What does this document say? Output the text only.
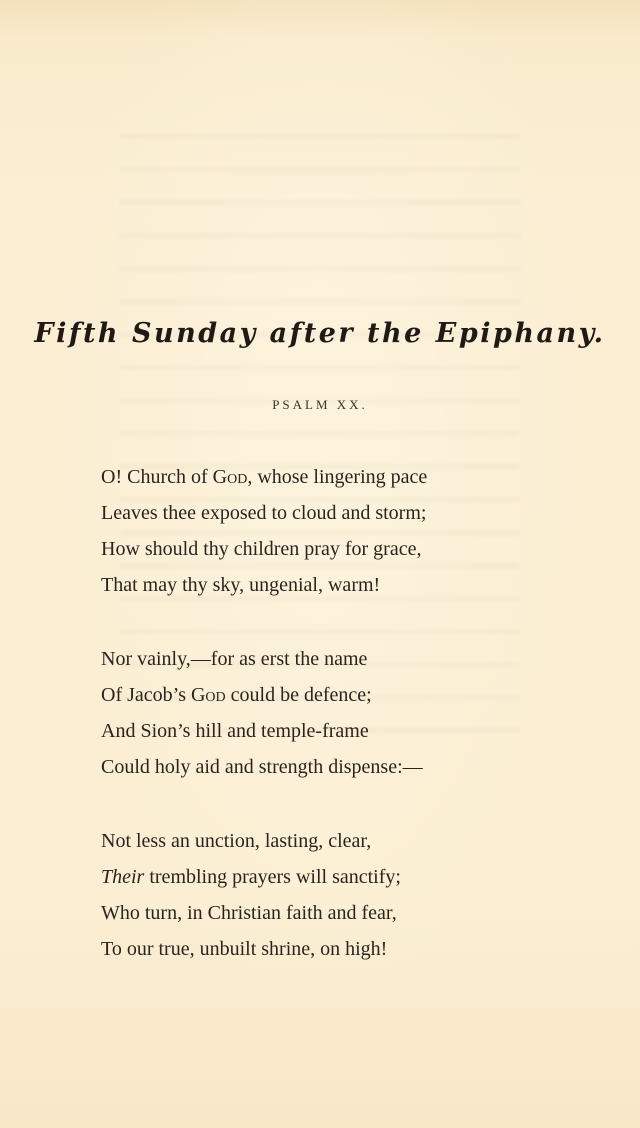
Fifth Sunday after the Epiphany.
PSALM XX.
O! Church of God, whose lingering pace
Leaves thee exposed to cloud and storm;
How should thy children pray for grace,
That may thy sky, ungenial, warm!
Nor vainly,—for as erst the name
Of Jacob’s God could be defence;
And Sion’s hill and temple-frame
Could holy aid and strength dispense:—
Not less an unction, lasting, clear,
Their trembling prayers will sanctify;
Who turn, in Christian faith and fear,
To our true, unbuilt shrine, on high!
